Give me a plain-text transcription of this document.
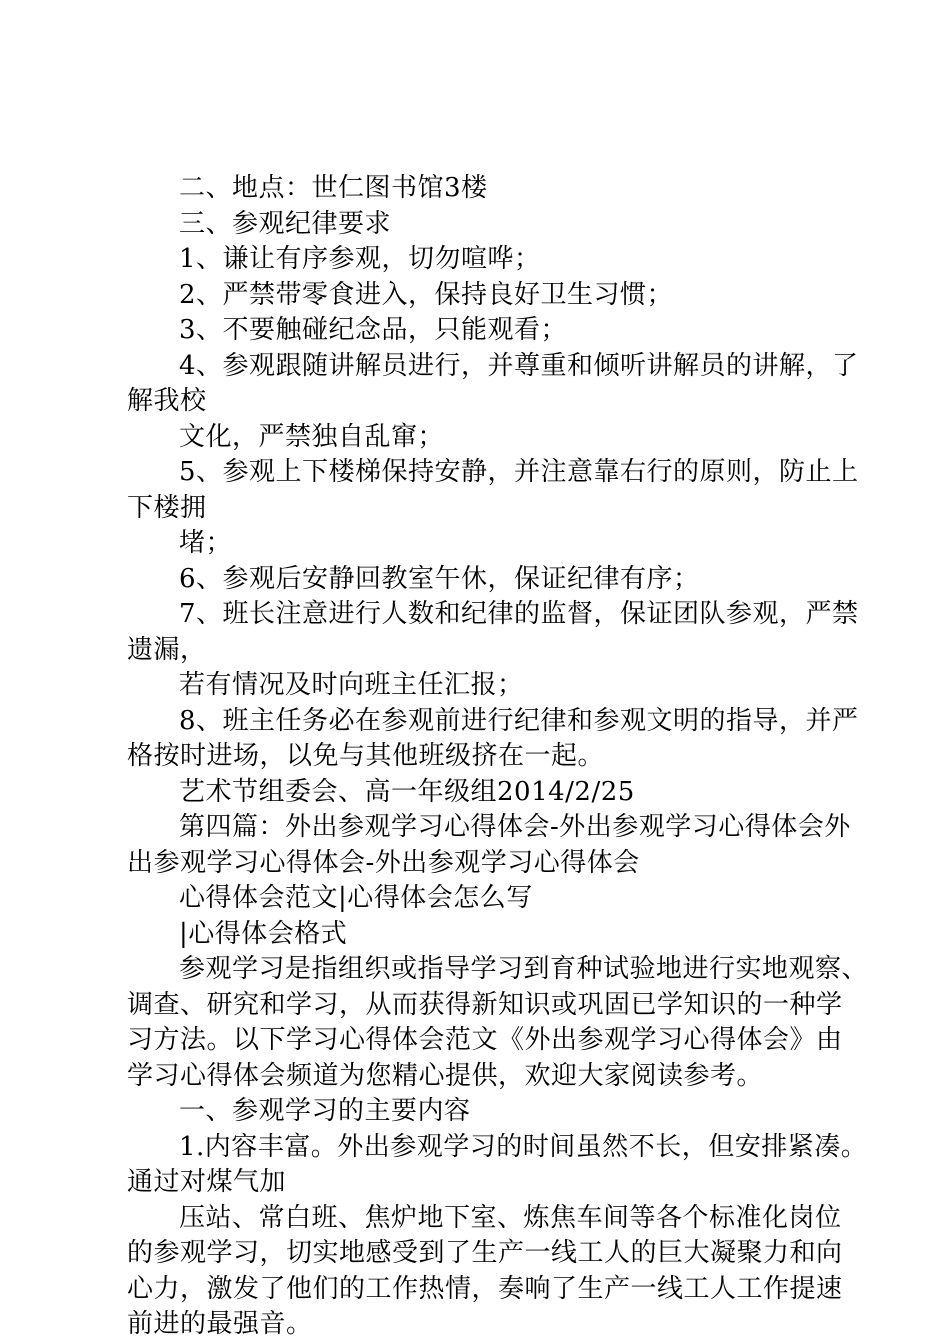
二、地点：世仁图书馆3楼
三、参观纪律要求
1、谦让有序参观，切勿喧哗；
2、严禁带零食进入，保持良好卫生习惯；
3、不要触碰纪念品，只能观看；
4、参观跟随讲解员进行，并尊重和倾听讲解员的讲解，了
解我校
文化，严禁独自乱窜；
5、参观上下楼梯保持安静，并注意靠右行的原则，防止上
下楼拥
堵；
6、参观后安静回教室午休，保证纪律有序；
7、班长注意进行人数和纪律的监督，保证团队参观，严禁
遗漏，
若有情况及时向班主任汇报；
8、班主任务必在参观前进行纪律和参观文明的指导，并严
格按时进场，以免与其他班级挤在一起。
艺术节组委会、高一年级组2014/2/25
第四篇：外出参观学习心得体会-外出参观学习心得体会外
出参观学习心得体会-外出参观学习心得体会
心得体会范文|心得体会怎么写
|心得体会格式
参观学习是指组织或指导学习到育种试验地进行实地观察、
调查、研究和学习，从而获得新知识或巩固已学知识的一种学
习方法。以下学习心得体会范文《外出参观学习心得体会》由
学习心得体会频道为您精心提供，欢迎大家阅读参考。
一、参观学习的主要内容
1.内容丰富。外出参观学习的时间虽然不长，但安排紧凑。
通过对煤气加
压站、常白班、焦炉地下室、炼焦车间等各个标准化岗位
的参观学习，切实地感受到了生产一线工人的巨大凝聚力和向
心力，激发了他们的工作热情，奏响了生产一线工人工作提速
前进的最强音。
